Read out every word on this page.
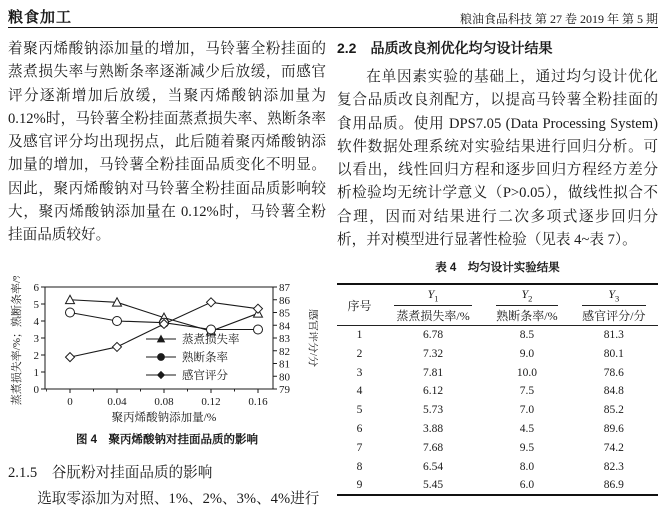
粮食加工	粮油食品科技 第 27 卷 2019 年 第 5 期

着聚丙烯酸钠添加量的增加，马铃薯全粉挂面的蒸煮损失率与熟断条率逐渐减少后放缓，而感官评分逐渐增加后放缓，当聚丙烯酸钠添加量为0.12%时，马铃薯全粉挂面蒸煮损失率、熟断条率及感官评分均出现拐点，此后随着聚丙烯酸钠添加量的增加，马铃薯全粉挂面品质变化不明显。因此，聚丙烯酸钠对马铃薯全粉挂面品质影响较大，聚丙烯酸钠添加量在 0.12%时，马铃薯全粉挂面品质较好。

0
1
2
3
4
5
6
79
80
81
82
83
84
85
86
87
0	0.04	0.08	0.12	0.16
蒸煮损失率/%；熟断条率/%	感官评分/分
聚丙烯酸钠添加量/%
蒸煮损失率
熟断条率
感官评分
图 4　聚丙烯酸钠对挂面品质的影响
2.1.5　谷朊粉对挂面品质的影响

选取零添加为对照、1%、2%、3%、4%进行

2.2　品质改良剂优化均匀设计结果

在单因素实验的基础上，通过均匀设计优化复合品质改良剂配方，以提高马铃薯全粉挂面的食用品质。使用 DPS7.05 (Data Processing System)软件数据处理系统对实验结果进行回归分析。可以看出，线性回归方程和逐步回归方程经方差分析检验均无统计学意义（P>0.05），做线性拟合不合理，因而对结果进行二次多项式逐步回归分析，并对模型进行显著性检验（见表 4~表 7）。

表 4　均匀设计实验结果
序号	$Y_1$	$Y_2$	$Y_3$

	蒸煮损失率/%	熟断条率/%	感官评分/分
1	6.78	8.5	81.3
2	7.32	9.0	80.1
3	7.81	10.0	78.6
4	6.12	7.5	84.8
5	5.73	7.0	85.2
6	3.88	4.5	89.6
7	7.68	9.5	74.2
8	6.54	8.0	82.3
9	5.45	6.0	86.9
